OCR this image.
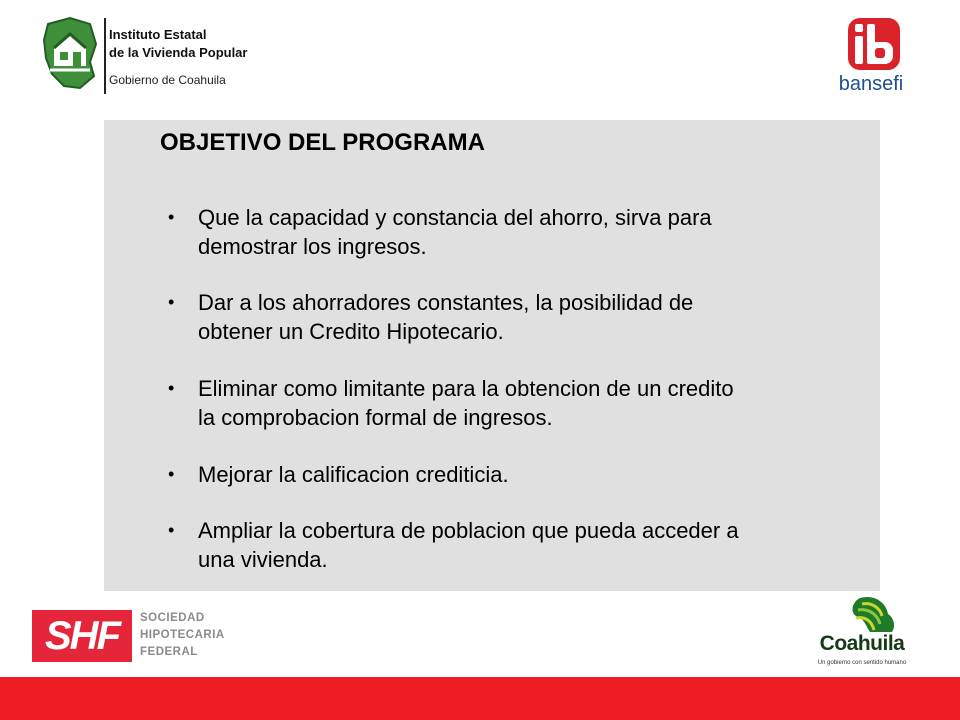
Instituto Estatal
de la Vivienda Popular
Gobierno de Coahuila	bansefi
OBJETIVO DEL PROGRAMA
•	Que la capacidad y constancia del ahorro, sirva para
demostrar los ingresos.
•	Dar a los ahorradores constantes, la posibilidad de
obtener un Credito Hipotecario.
•	Eliminar como limitante para la obtencion de un credito
la comprobacion formal de ingresos.
•	Mejorar la calificacion crediticia.
•	Ampliar la cobertura de poblacion que pueda acceder a
una vivienda.
SHF	SOCIEDAD
HIPOTECARIA
FEDERAL	Coahuila
Un gobierno con sentido humano
